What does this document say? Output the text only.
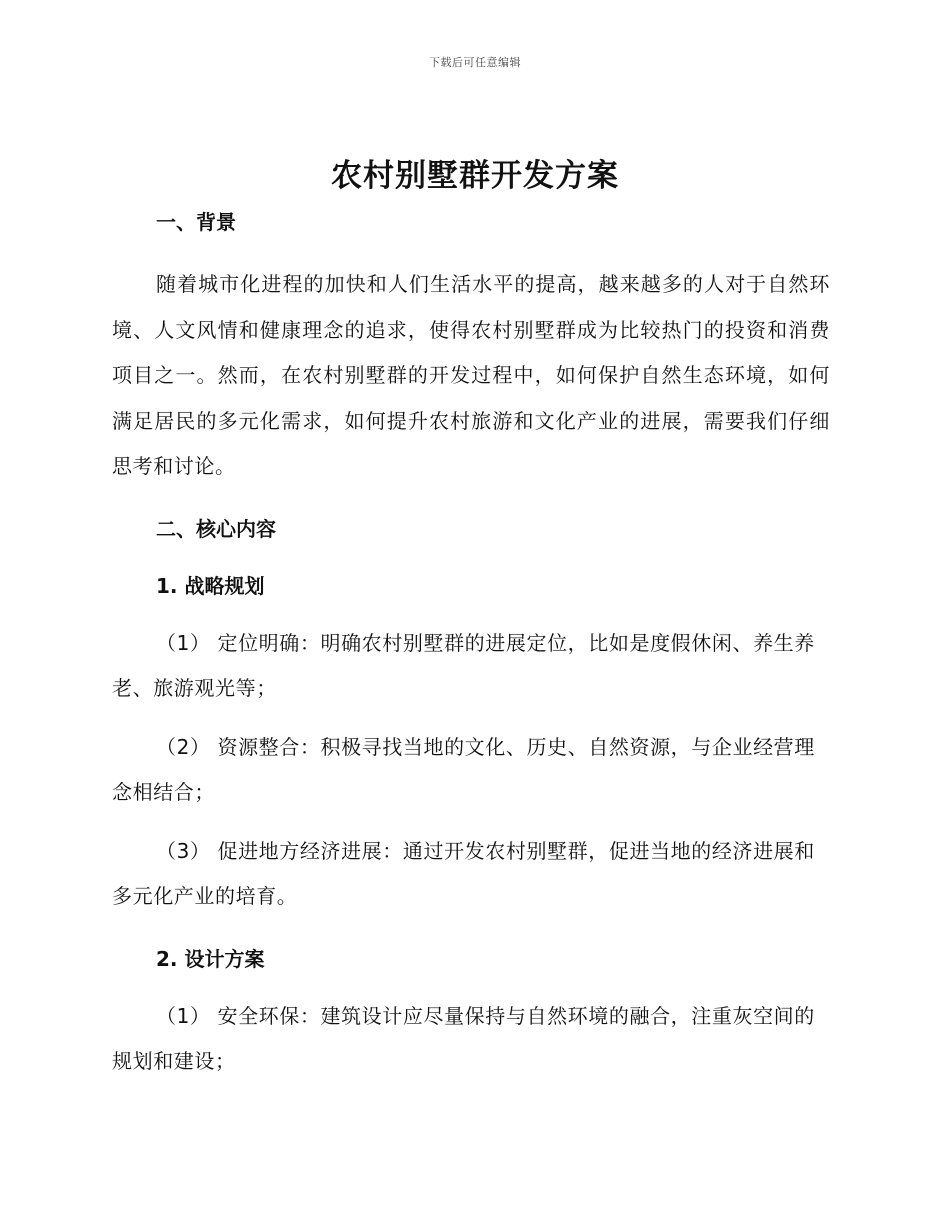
下载后可任意编辑
农村别墅群开发方案
一、背景

随着城市化进程的加快和人们生活水平的提高，越来越多的人对于自然环境、人文风情和健康理念的追求，使得农村别墅群成为比较热门的投资和消费项目之一。然而，在农村别墅群的开发过程中，如何保护自然生态环境，如何满足居民的多元化需求，如何提升农村旅游和文化产业的进展，需要我们仔细思考和讨论。

二、核心内容
1. 战略规划

（1） 定位明确：明确农村别墅群的进展定位，比如是度假休闲、养生养老、旅游观光等；

（2） 资源整合：积极寻找当地的文化、历史、自然资源，与企业经营理念相结合；

（3） 促进地方经济进展：通过开发农村别墅群，促进当地的经济进展和多元化产业的培育。

2. 设计方案

（1） 安全环保：建筑设计应尽量保持与自然环境的融合，注重灰空间的规划和建设；
